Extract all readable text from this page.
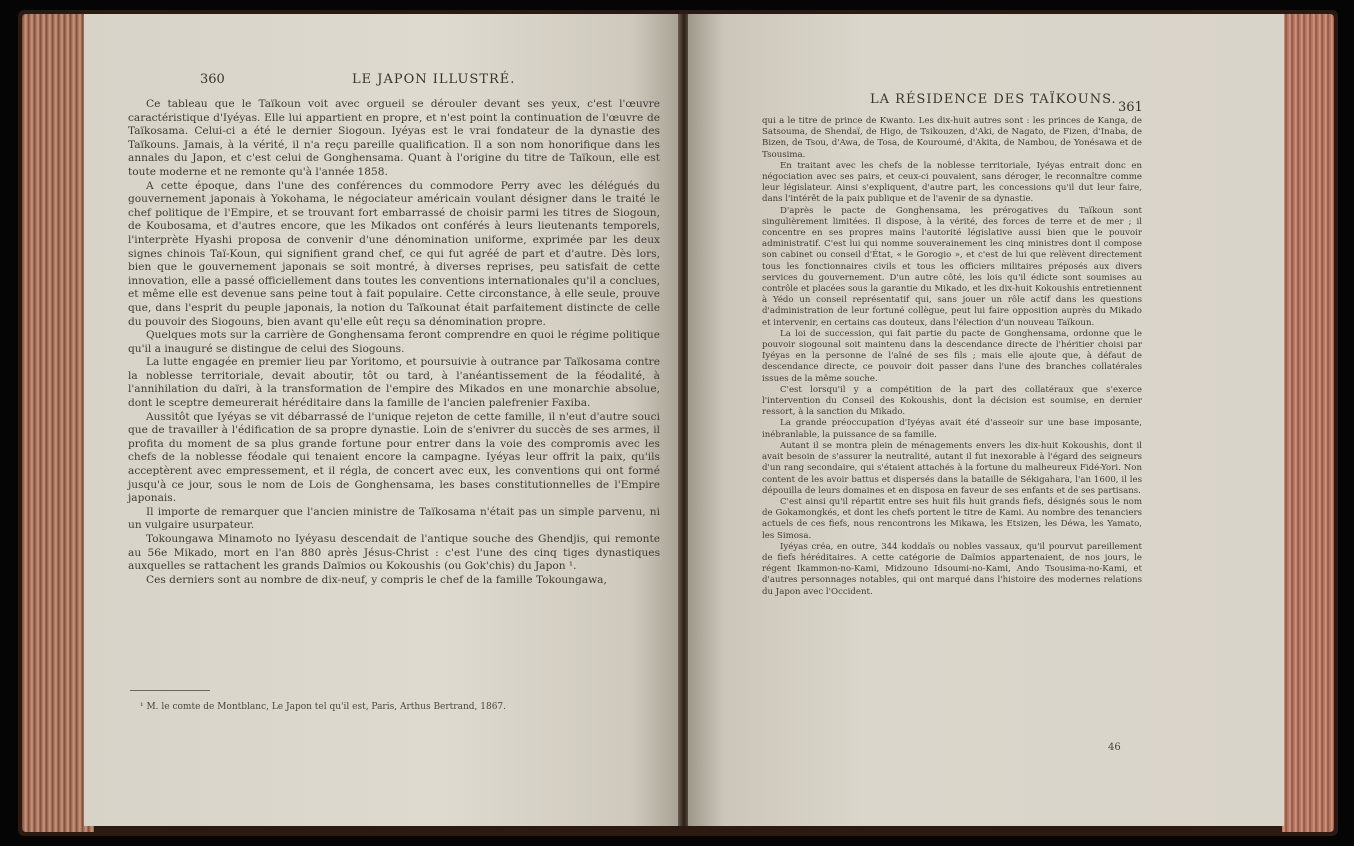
360	LE JAPON ILLUSTRÉ.

Ce tableau que le Taïkoun voit avec orgueil se dérouler devant ses yeux, c'est l'œuvre caractéristique d'Iyéyas. Elle lui appartient en propre, et n'est point la continuation de l'œuvre de Taïkosama. Celui-ci a été le dernier Siogoun. Iyéyas est le vrai fondateur de la dynastie des Taïkouns. Jamais, à la vérité, il n'a reçu pareille qualification. Il a son nom honorifique dans les annales du Japon, et c'est celui de Gonghensama. Quant à l'origine du titre de Taïkoun, elle est toute moderne et ne remonte qu'à l'année 1858.

A cette époque, dans l'une des conférences du commodore Perry avec les délégués du gouvernement japonais à Yokohama, le négociateur américain voulant désigner dans le traité le chef politique de l'Empire, et se trouvant fort embarrassé de choisir parmi les titres de Siogoun, de Koubosama, et d'autres encore, que les Mikados ont conférés à leurs lieutenants temporels, l'interprète Hyashi proposa de convenir d'une dénomination uniforme, exprimée par les deux signes chinois Taï-Koun, qui signifient grand chef, ce qui fut agréé de part et d'autre. Dès lors, bien que le gouvernement japonais se soit montré, à diverses reprises, peu satisfait de cette innovation, elle a passé officiellement dans toutes les conventions internationales qu'il a conclues, et même elle est devenue sans peine tout à fait populaire. Cette circonstance, à elle seule, prouve que, dans l'esprit du peuple japonais, la notion du Taïkounat était parfaitement distincte de celle du pouvoir des Siogouns, bien avant qu'elle eût reçu sa dénomination propre.

Quelques mots sur la carrière de Gonghensama feront comprendre en quoi le régime politique qu'il a inauguré se distingue de celui des Siogouns.

La lutte engagée en premier lieu par Yoritomo, et poursuivie à outrance par Taïkosama contre la noblesse territoriale, devait aboutir, tôt ou tard, à l'anéantissement de la féodalité, à l'annihilation du daïri, à la transformation de l'empire des Mikados en une monarchie absolue, dont le sceptre demeurerait héréditaire dans la famille de l'ancien palefrenier Faxiba.

Aussitôt que Iyéyas se vit débarrassé de l'unique rejeton de cette famille, il n'eut d'autre souci que de travailler à l'édification de sa propre dynastie. Loin de s'enivrer du succès de ses armes, il profita du moment de sa plus grande fortune pour entrer dans la voie des compromis avec les chefs de la noblesse féodale qui tenaient encore la campagne. Iyéyas leur offrit la paix, qu'ils acceptèrent avec empressement, et il régla, de concert avec eux, les conventions qui ont formé jusqu'à ce jour, sous le nom de Lois de Gonghensama, les bases constitutionnelles de l'Empire japonais.

Il importe de remarquer que l'ancien ministre de Taïkosama n'était pas un simple parvenu, ni un vulgaire usurpateur.

Tokoungawa Minamoto no Iyéyasu descendait de l'antique souche des Ghendjis, qui remonte au 56e Mikado, mort en l'an 880 après Jésus-Christ : c'est l'une des cinq tiges dynastiques auxquelles se rattachent les grands Daïmios ou Kokoushis (ou Gok'chis) du Japon ¹.

Ces derniers sont au nombre de dix-neuf, y compris le chef de la famille Tokoungawa,

¹ M. le comte de Montblanc, Le Japon tel qu'il est, Paris, Arthus Bertrand, 1867.
LA RÉSIDENCE DES TAÏKOUNS.
361

qui a le titre de prince de Kwanto. Les dix-huit autres sont : les princes de Kanga, de Satsouma, de Shendaï, de Higo, de Tsikouzen, d'Aki, de Nagato, de Fizen, d'Inaba, de Bizen, de Tsou, d'Awa, de Tosa, de Kouroumé, d'Akita, de Nambou, de Yonésawa et de Tsousima.

En traitant avec les chefs de la noblesse territoriale, Iyéyas entrait donc en négociation avec ses pairs, et ceux-ci pouvaient, sans déroger, le reconnaître comme leur législateur. Ainsi s'expliquent, d'autre part, les concessions qu'il dut leur faire, dans l'intérêt de la paix publique et de l'avenir de sa dynastie.

D'après le pacte de Gonghensama, les prérogatives du Taïkoun sont singulièrement limitées. Il dispose, à la vérité, des forces de terre et de mer ; il concentre en ses propres mains l'autorité législative aussi bien que le pouvoir administratif. C'est lui qui nomme souverainement les cinq ministres dont il compose son cabinet ou conseil d'État, « le Gorogio », et c'est de lui que relèvent directement tous les fonctionnaires civils et tous les officiers militaires préposés aux divers services du gouvernement. D'un autre côté, les lois qu'il édicte sont soumises au contrôle et placées sous la garantie du Mikado, et les dix-huit Kokoushis entretiennent à Yédo un conseil représentatif qui, sans jouer un rôle actif dans les questions d'administration de leur fortuné collègue, peut lui faire opposition auprès du Mikado et intervenir, en certains cas douteux, dans l'élection d'un nouveau Taïkoun.

La loi de succession, qui fait partie du pacte de Gonghensama, ordonne que le pouvoir siogounal soit maintenu dans la descendance directe de l'héritier choisi par Iyéyas en la personne de l'aîné de ses fils ; mais elle ajoute que, à défaut de descendance directe, ce pouvoir doit passer dans l'une des branches collatérales issues de la même souche.

C'est lorsqu'il y a compétition de la part des collatéraux que s'exerce l'intervention du Conseil des Kokoushis, dont la décision est soumise, en dernier ressort, à la sanction du Mikado.

La grande préoccupation d'Iyéyas avait été d'asseoir sur une base imposante, inébranlable, la puissance de sa famille.

Autant il se montra plein de ménagements envers les dix-huit Kokoushis, dont il avait besoin de s'assurer la neutralité, autant il fut inexorable à l'égard des seigneurs d'un rang secondaire, qui s'étaient attachés à la fortune du malheureux Fidé-Yori. Non content de les avoir battus et dispersés dans la bataille de Sékigahara, l'an 1600, il les dépouilla de leurs domaines et en disposa en faveur de ses enfants et de ses partisans.

C'est ainsi qu'il répartit entre ses huit fils huit grands fiefs, désignés sous le nom de Gokamongkés, et dont les chefs portent le titre de Kami. Au nombre des tenanciers actuels de ces fiefs, nous rencontrons les Mikawa, les Etsizen, les Déwa, les Yamato, les Simosa.

Iyéyas créa, en outre, 344 koddaïs ou nobles vassaux, qu'il pourvut pareillement de fiefs héréditaires. A cette catégorie de Daïmios appartenaient, de nos jours, le régent Ikammon-no-Kami, Midzouno Idsoumi-no-Kami, Ando Tsousima-no-Kami, et d'autres personnages notables, qui ont marqué dans l'histoire des modernes relations du Japon avec l'Occident.

46
